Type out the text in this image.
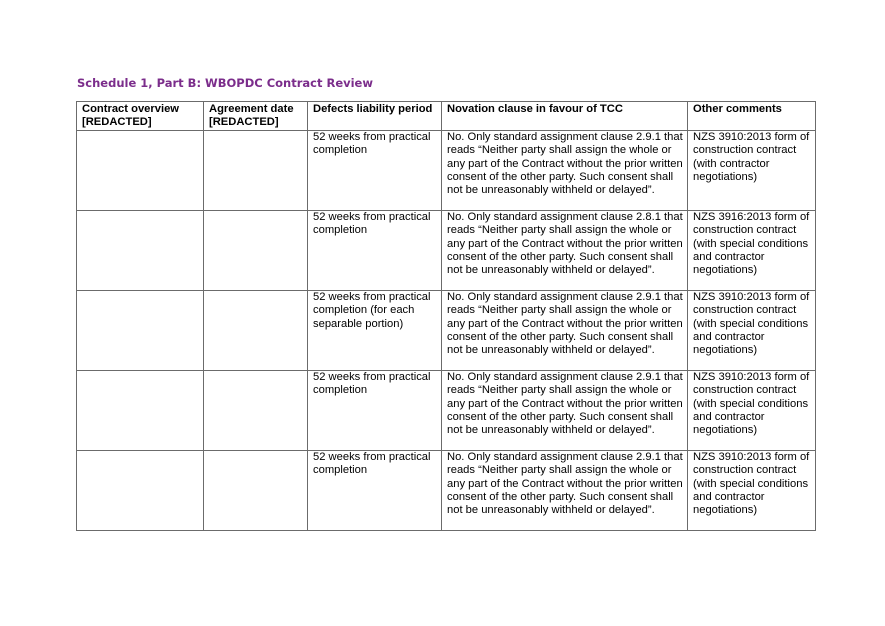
Schedule 1, Part B: WBOPDC Contract Review
Contract overview [REDACTED]	Agreement date [REDACTED]	Defects liability period	Novation clause in favour of TCC	Other comments
		52 weeks from practical completion	No. Only standard assignment clause 2.9.1 that reads “Neither party shall assign the whole or any part of the Contract without the prior written consent of the other party. Such consent shall not be unreasonably withheld or delayed”.	NZS 3910:2013 form of construction contract (with contractor negotiations)
		52 weeks from practical completion	No. Only standard assignment clause 2.8.1 that reads “Neither party shall assign the whole or any part of the Contract without the prior written consent of the other party. Such consent shall not be unreasonably withheld or delayed”.	NZS 3916:2013 form of construction contract (with special conditions and contractor negotiations)
		52 weeks from practical completion (for each separable portion)	No. Only standard assignment clause 2.9.1 that reads “Neither party shall assign the whole or any part of the Contract without the prior written consent of the other party. Such consent shall not be unreasonably withheld or delayed”.	NZS 3910:2013 form of construction contract (with special conditions and contractor negotiations)
		52 weeks from practical completion	No. Only standard assignment clause 2.9.1 that reads “Neither party shall assign the whole or any part of the Contract without the prior written consent of the other party. Such consent shall not be unreasonably withheld or delayed”.	NZS 3910:2013 form of construction contract (with special conditions and contractor negotiations)
		52 weeks from practical completion	No. Only standard assignment clause 2.9.1 that reads “Neither party shall assign the whole or any part of the Contract without the prior written consent of the other party. Such consent shall not be unreasonably withheld or delayed”.	NZS 3910:2013 form of construction contract (with special conditions and contractor negotiations)
